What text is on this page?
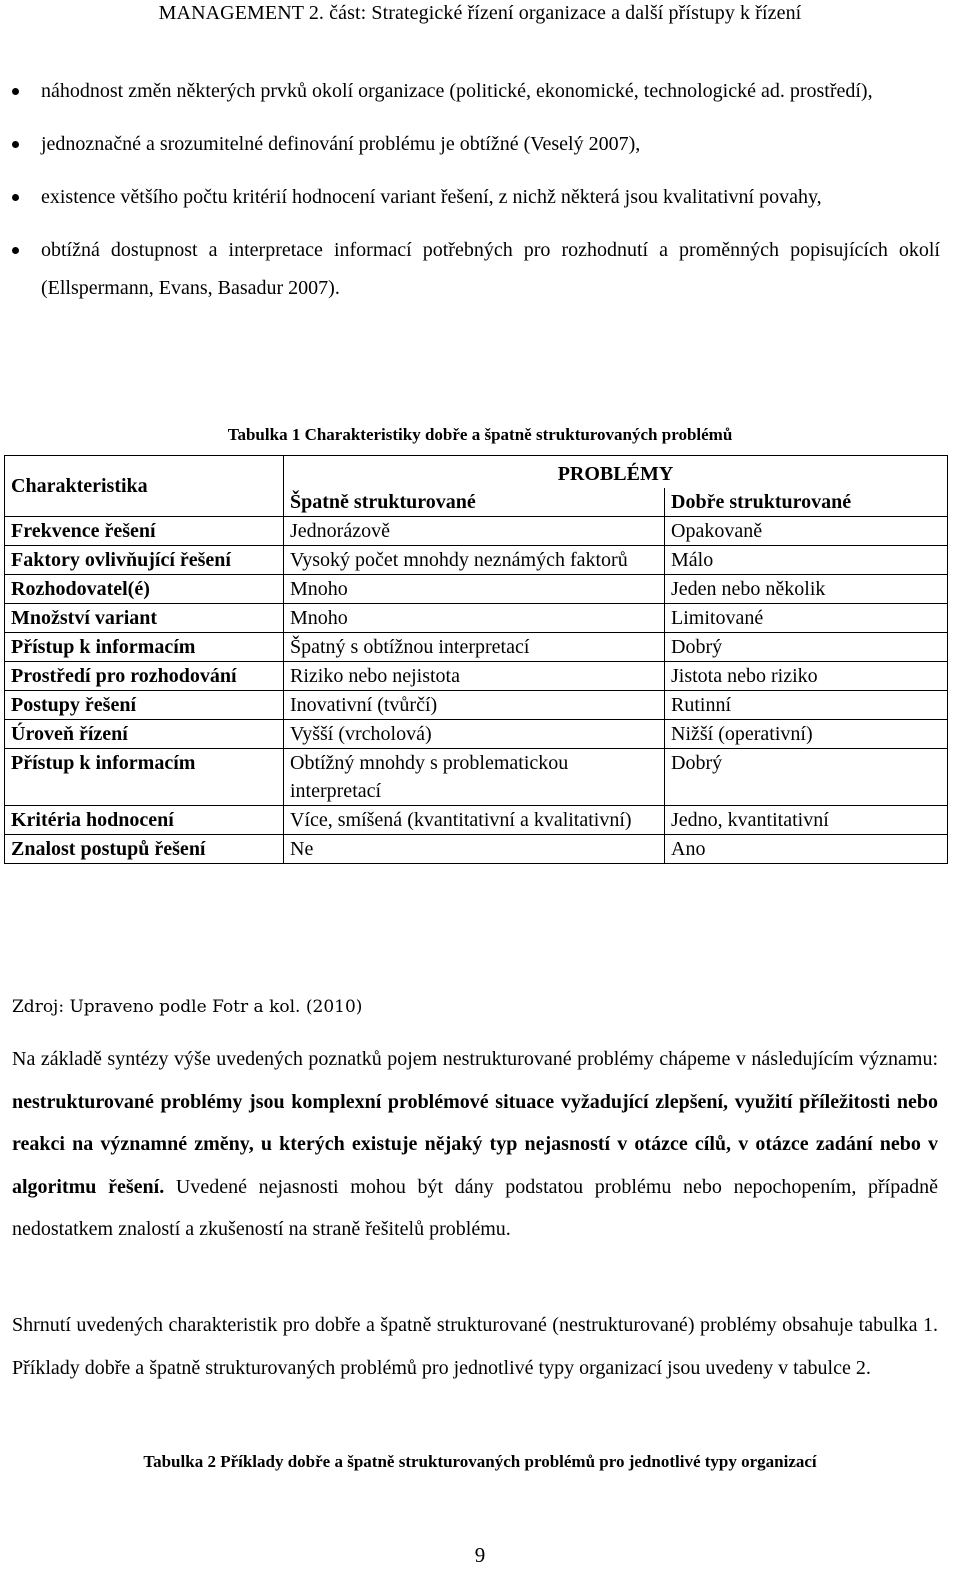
MANAGEMENT 2. část: Strategické řízení organizace a další přístupy k řízení
náhodnost změn některých prvků okolí organizace (politické, ekonomické, technologické ad. prostředí),
jednoznačné a srozumitelné definování problému je obtížné (Veselý 2007),
existence většího počtu kritérií hodnocení variant řešení, z nichž některá jsou kvalitativní povahy,
obtížná dostupnost a interpretace informací potřebných pro rozhodnutí a proměnných popisujících okolí (Ellspermann, Evans, Basadur 2007).
Tabulka 1 Charakteristiky dobře a špatně strukturovaných problémů
Charakteristika	PROBLÉMY	
	Špatně strukturované	Dobře strukturované
Frekvence řešení	Jednorázově	Opakovaně
Faktory ovlivňující řešení	Vysoký počet mnohdy neznámých faktorů	Málo
Rozhodovatel(é)	Mnoho	Jeden nebo několik
Množství variant	Mnoho	Limitované
Přístup k informacím	Špatný s obtížnou interpretací	Dobrý
Prostředí pro rozhodování	Riziko nebo nejistota	Jistota nebo riziko
Postupy řešení	Inovativní (tvůrčí)	Rutinní
Úroveň řízení	Vyšší (vrcholová)	Nižší (operativní)
Přístup k informacím	Obtížný mnohdy s problematickou interpretací	Dobrý
Kritéria hodnocení	Více, smíšená (kvantitativní a kvalitativní)	Jedno, kvantitativní
Znalost postupů řešení	Ne	Ano
Zdroj: Upraveno podle Fotr a kol. (2010)
Na základě syntézy výše uvedených poznatků pojem nestrukturované problémy chápeme v následujícím významu: nestrukturované problémy jsou komplexní problémové situace vyžadující zlepšení, využití příležitosti nebo reakci na významné změny, u kterých existuje nějaký typ nejasností v otázce cílů, v otázce zadání nebo v algoritmu řešení. Uvedené nejasnosti mohou být dány podstatou problému nebo nepochopením, případně nedostatkem znalostí a zkušeností na straně řešitelů problému.
Shrnutí uvedených charakteristik pro dobře a špatně strukturované (nestrukturované) problémy obsahuje tabulka 1. Příklady dobře a špatně strukturovaných problémů pro jednotlivé typy organizací jsou uvedeny v tabulce 2.
Tabulka 2 Příklady dobře a špatně strukturovaných problémů pro jednotlivé typy organizací
9
